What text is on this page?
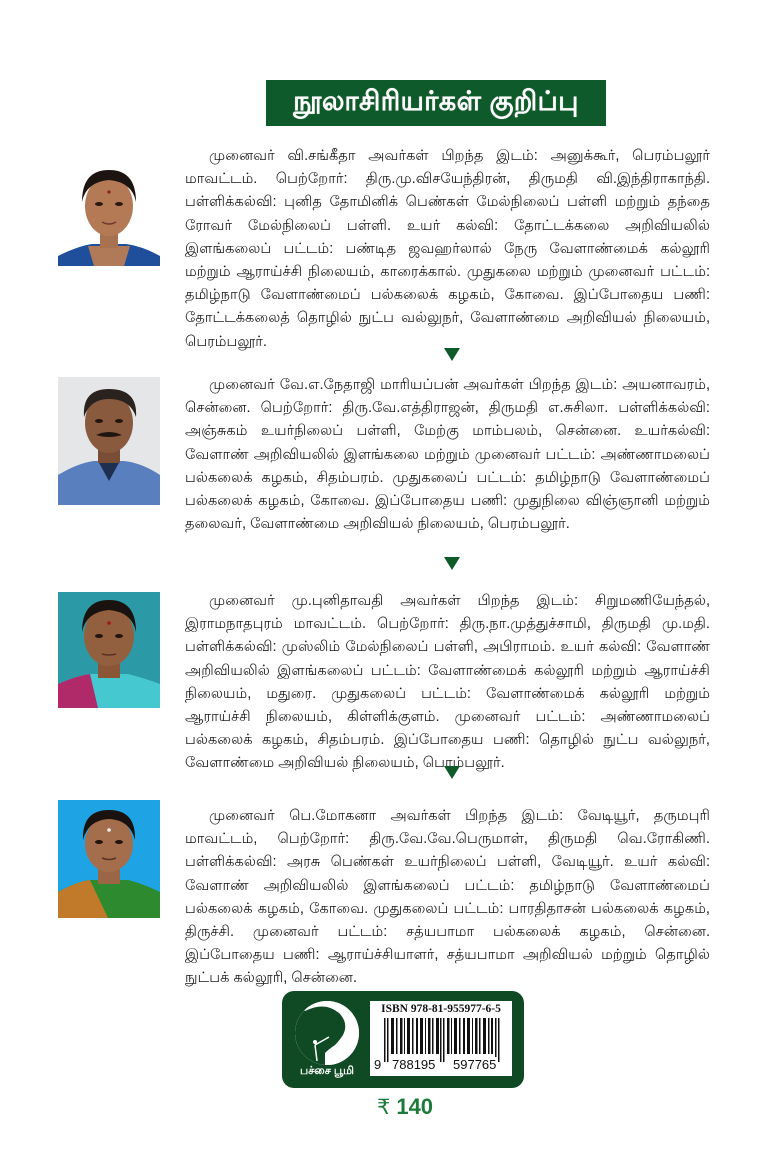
நூலாசிரியர்கள் குறிப்பு
முனைவர் வி.சங்கீதா அவர்கள் பிறந்த இடம்: அனுக்கூர், பெரம்பலூர் மாவட்டம். பெற்றோர்: திரு.மு.விசயேந்திரன், திருமதி வி.இந்திராகாந்தி. பள்ளிக்கல்வி: புனித தோமினிக் பெண்கள் மேல்நிலைப் பள்ளி மற்றும் தந்தை ரோவர் மேல்நிலைப் பள்ளி. உயர் கல்வி: தோட்டக்கலை அறிவியலில் இளங்கலைப் பட்டம்: பண்டித ஜவஹர்லால் நேரு வேளாண்மைக் கல்லூரி மற்றும் ஆராய்ச்சி நிலையம், காரைக்கால். முதுகலை மற்றும் முனைவர் பட்டம்: தமிழ்நாடு வேளாண்மைப் பல்கலைக் கழகம், கோவை. இப்போதைய பணி: தோட்டக்கலைத் தொழில் நுட்ப வல்லுநர், வேளாண்மை அறிவியல் நிலையம், பெரம்பலூர்.
முனைவர் வே.எ.நேதாஜி மாரியப்பன் அவர்கள் பிறந்த இடம்: அயனாவரம், சென்னை. பெற்றோர்: திரு.வே.எத்திராஜன், திருமதி எ.சுசிலா. பள்ளிக்கல்வி: அஞ்சுகம் உயர்நிலைப் பள்ளி, மேற்கு மாம்பலம், சென்னை. உயர்கல்வி: வேளாண் அறிவியலில் இளங்கலை மற்றும் முனைவர் பட்டம்: அண்ணாமலைப் பல்கலைக் கழகம், சிதம்பரம். முதுகலைப் பட்டம்: தமிழ்நாடு வேளாண்மைப் பல்கலைக் கழகம், கோவை. இப்போதைய பணி: முதுநிலை விஞ்ஞானி மற்றும் தலைவர், வேளாண்மை அறிவியல் நிலையம், பெரம்பலூர்.
முனைவர் மு.புனிதாவதி அவர்கள் பிறந்த இடம்: சிறுமணியேந்தல், இராமநாதபுரம் மாவட்டம். பெற்றோர்: திரு.நா.முத்துச்சாமி, திருமதி மு.மதி. பள்ளிக்கல்வி: முஸ்லிம் மேல்நிலைப் பள்ளி, அபிராமம். உயர் கல்வி: வேளாண் அறிவியலில் இளங்கலைப் பட்டம்: வேளாண்மைக் கல்லூரி மற்றும் ஆராய்ச்சி நிலையம், மதுரை. முதுகலைப் பட்டம்: வேளாண்மைக் கல்லூரி மற்றும் ஆராய்ச்சி நிலையம், கிள்ளிக்குளம். முனைவர் பட்டம்: அண்ணாமலைப் பல்கலைக் கழகம், சிதம்பரம். இப்போதைய பணி: தொழில் நுட்ப வல்லுநர், வேளாண்மை அறிவியல் நிலையம், பெரம்பலூர்.
முனைவர் பெ.மோகனா அவர்கள் பிறந்த இடம்: வேடியூர், தருமபுரி மாவட்டம், பெற்றோர்: திரு.வே.வே.பெருமாள், திருமதி வெ.ரோகிணி. பள்ளிக்கல்வி: அரசு பெண்கள் உயர்நிலைப் பள்ளி, வேடியூர். உயர் கல்வி: வேளாண் அறிவியலில் இளங்கலைப் பட்டம்: தமிழ்நாடு வேளாண்மைப் பல்கலைக் கழகம், கோவை. முதுகலைப் பட்டம்: பாரதிதாசன் பல்கலைக் கழகம், திருச்சி. முனைவர் பட்டம்: சத்யபாமா பல்கலைக் கழகம், சென்னை. இப்போதைய பணி: ஆராய்ச்சியாளர், சத்யபாமா அறிவியல் மற்றும் தொழில் நுட்பக் கல்லூரி, சென்னை.
பச்சை பூமி
ISBN 978-81-955977-6-5
9 788195 597765
₹ 140
